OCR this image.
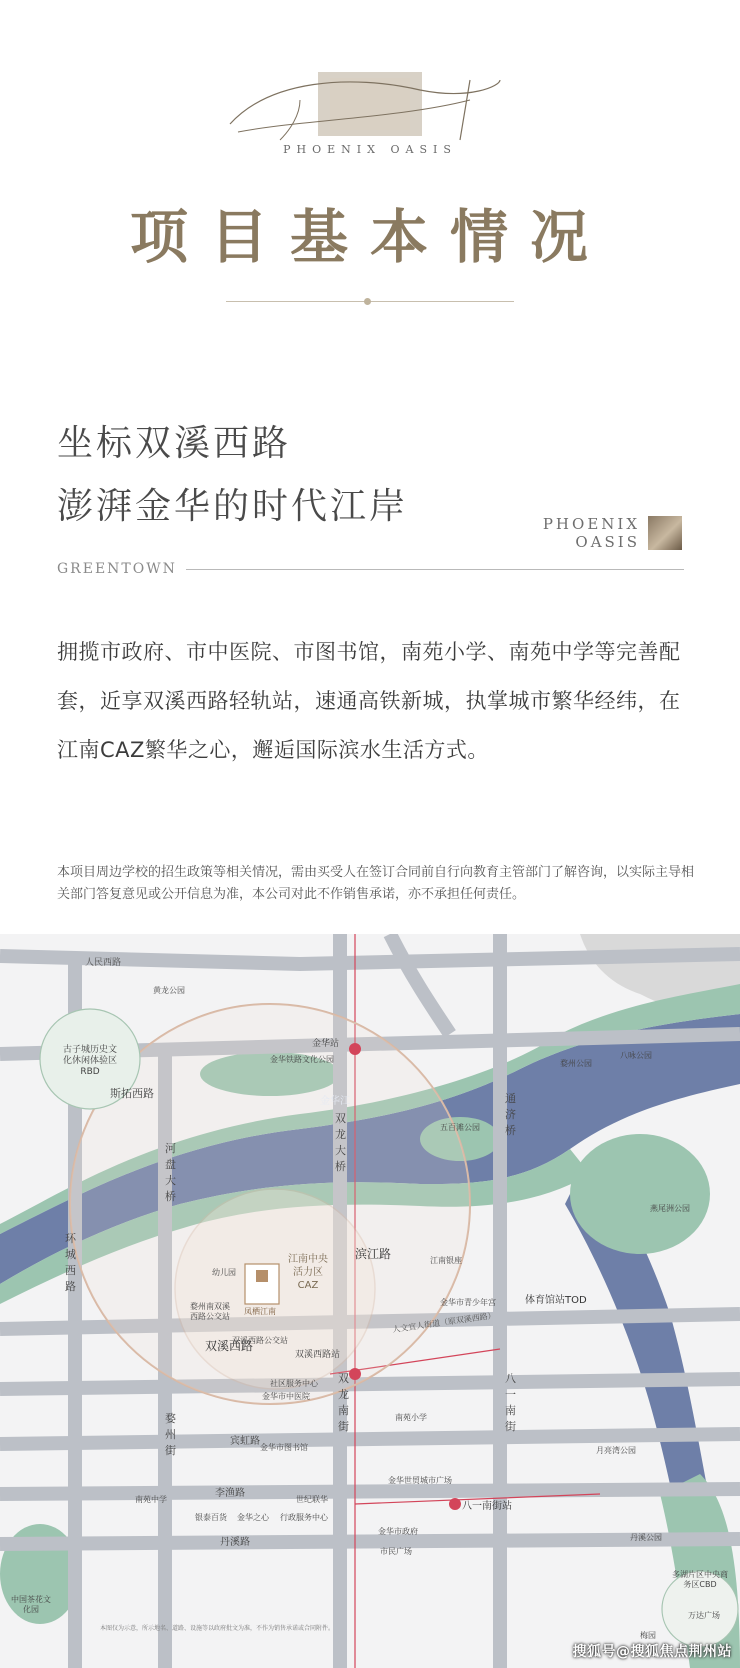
PHOENIX OASIS
项目基本情况
坐标双溪西路
澎湃金华的时代江岸	PHOENIX
OASIS
GREENTOWN
拥揽市政府、市中医院、市图书馆，南苑小学、南苑中学等完善配套，近享双溪西路轻轨站，速通高铁新城，执掌城市繁华经纬，在江南CAZ繁华之心，邂逅国际滨水生活方式。
本项目周边学校的招生政策等相关情况，需由买受人在签订合同前自行向教育主管部门了解咨询，以实际主导相关部门答复意见或公开信息为准，本公司对此不作销售承诺，亦不承担任何责任。
人民西路
斯拓西路
河盘大桥
双龙大桥
通济桥
环城西路
滨江路
双溪西路
婺州街
宾虹路
李渔路
丹溪路
双龙南街
八一南街
金华江
古子城历史文化休闲体验区RBD
江南中央活力区CAZ
多湖片区中央商务区CBD
凤栖江南
金华站
双溪西路站
八一南街站
体育馆站TOD
金华市中医院
金华市图书馆
金华市政府
市民广场
南苑小学
南苑中学
金华世贸城市广场
行政服务中心
中国茶花文化园
婺州公园
燕尾洲公园
八咏公园
月亮湾公园
丹溪公园
梅园
黄龙公园
万达广场
金华铁路文化公园
江南银座
五百滩公园
人文宜人街道（原双溪西路）
社区服务中心
双溪西路公交站
幼儿园
婺州南双溪西路公交站
银泰百货 金华之心
世纪联华
金华市青少年宫
本图仅为示意，所示地名、道路、设施等以政府批文为准，不作为销售承诺或合同附件。
搜狐号@搜狐焦点荆州站
